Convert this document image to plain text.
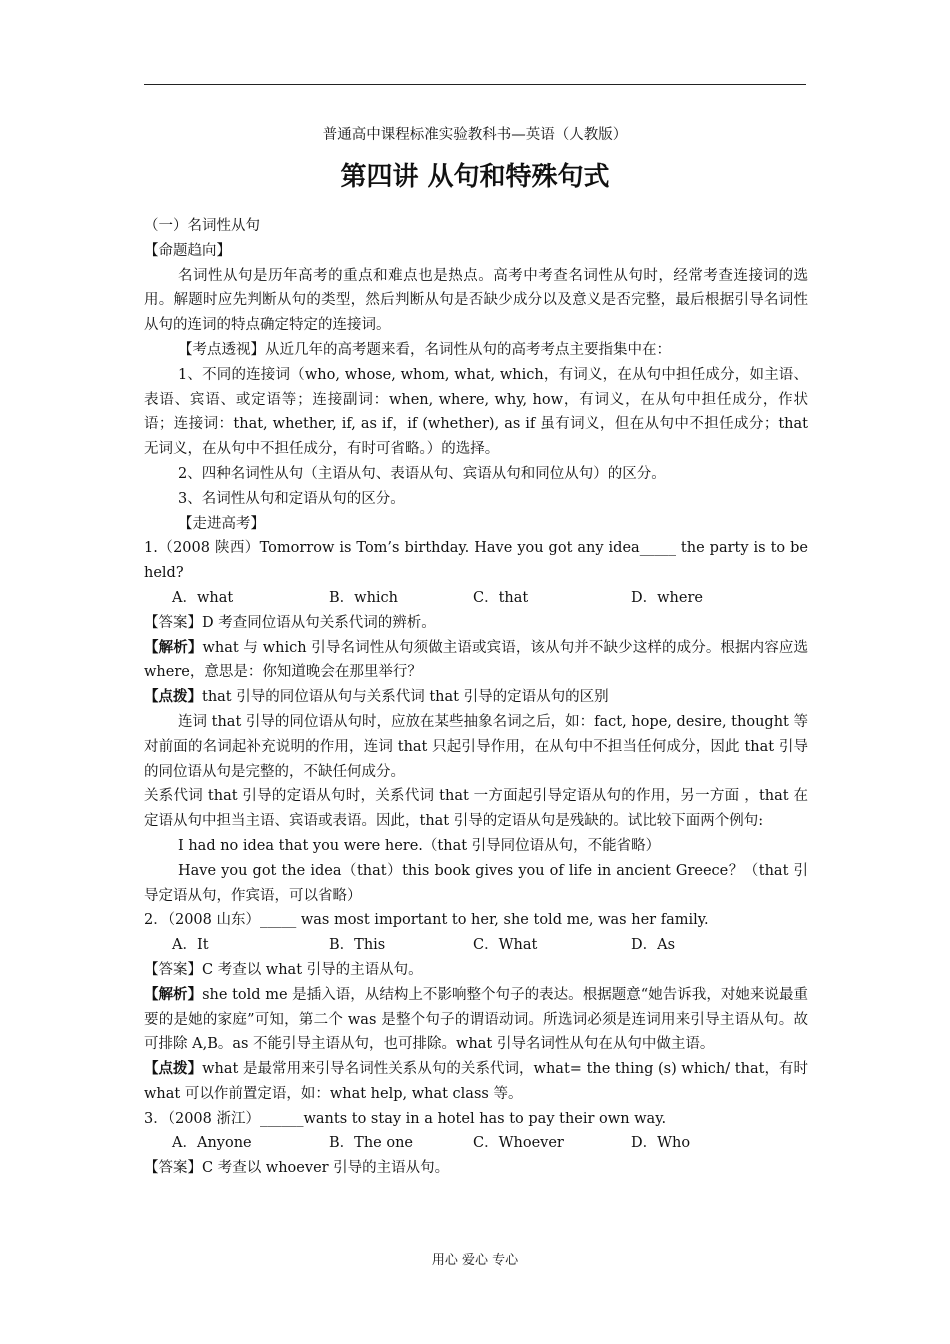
普通高中课程标准实验教科书—英语（人教版）
第四讲 从句和特殊句式

（一）名词性从句

【命题趋向】

名词性从句是历年高考的重点和难点也是热点。高考中考查名词性从句时，经常考查连接词的选用。解题时应先判断从句的类型，然后判断从句是否缺少成分以及意义是否完整，最后根据引导名词性从句的连词的特点确定特定的连接词。

【考点透视】从近几年的高考题来看，名词性从句的高考考点主要指集中在：

1、不同的连接词（who, whose, whom, what, which，有词义，在从句中担任成分，如主语、表语、宾语、或定语等；连接副词：when, where, why, how，有词义，在从句中担任成分，作状语；连接词：that, whether, if, as if，if (whether), as if 虽有词义，但在从句中不担任成分；that 无词义，在从句中不担任成分，有时可省略。）的选择。

2、四种名词性从句（主语从句、表语从句、宾语从句和同位从句）的区分。

3、名词性从句和定语从句的区分。

【走进高考】

1.（2008 陕西）Tomorrow is Tom’s birthday. Have you got any idea_____ the party is to be held?

A．what	B．which	C．that	D．where

【答案】D 考查同位语从句关系代词的辨析。

【解析】what 与 which 引导名词性从句须做主语或宾语，该从句并不缺少这样的成分。根据内容应选 where，意思是：你知道晚会在那里举行？

【点拨】that 引导的同位语从句与关系代词 that 引导的定语从句的区别

连词 that 引导的同位语从句时，应放在某些抽象名词之后，如：fact, hope, desire, thought 等对前面的名词起补充说明的作用，连词 that 只起引导作用，在从句中不担当任何成分，因此 that 引导的同位语从句是完整的，不缺任何成分。

关系代词 that 引导的定语从句时，关系代词 that 一方面起引导定语从句的作用，另一方面 ，that 在定语从句中担当主语、宾语或表语。因此，that 引导的定语从句是残缺的。试比较下面两个例句:

I had no idea that you were here.（that 引导同位语从句，不能省略）

Have you got the idea（that）this book gives you of life in ancient Greece？（that 引导定语从句，作宾语，可以省略）

2．（2008 山东）_____ was most important to her, she told me, was her family.

A．It	B．This	C．What	D．As

【答案】C 考查以 what 引导的主语从句。

【解析】she told me 是插入语，从结构上不影响整个句子的表达。根据题意“她告诉我，对她来说最重要的是她的家庭”可知，第二个 was 是整个句子的谓语动词。所选词必须是连词用来引导主语从句。故可排除 A,B。as 不能引导主语从句，也可排除。what 引导名词性从句在从句中做主语。

【点拨】what 是最常用来引导名词性关系从句的关系代词，what= the thing (s) which/ that，有时 what 可以作前置定语，如：what help, what class 等。

3．（2008 浙江）______wants to stay in a hotel has to pay their own way.

A．Anyone	B．The one	C．Whoever	D．Who

【答案】C 考查以 whoever 引导的主语从句。

用心 爱心 专心
